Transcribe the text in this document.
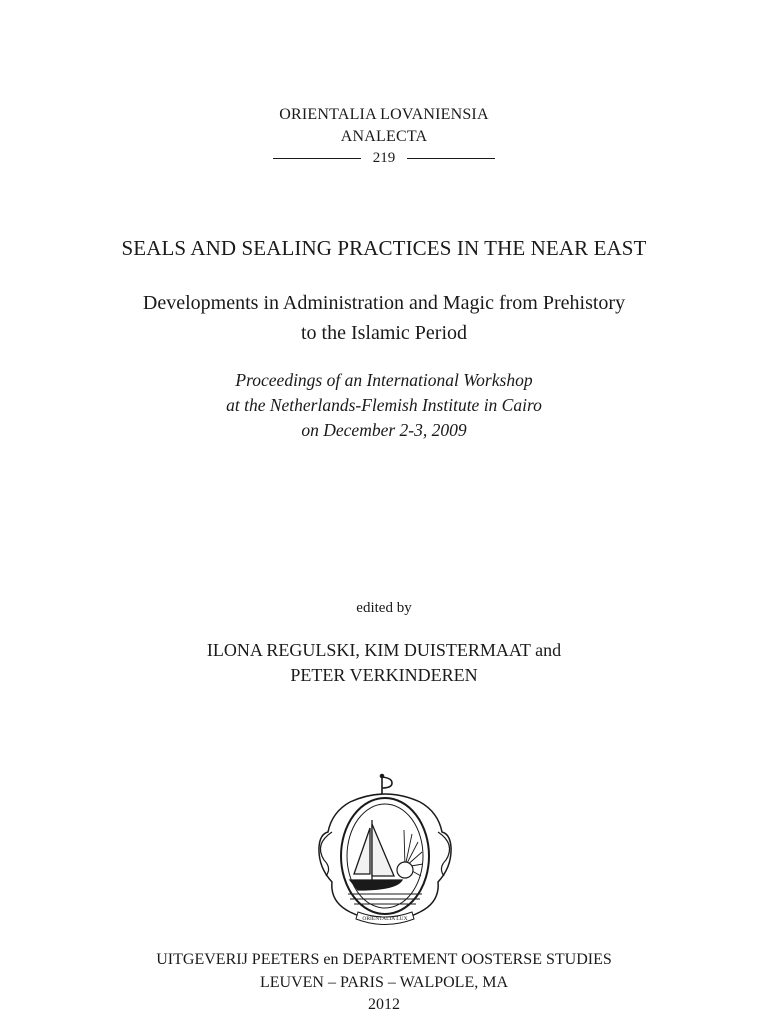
ORIENTALIA LOVANIENSIA
ANALECTA
219
SEALS AND SEALING PRACTICES IN THE NEAR EAST
Developments in Administration and Magic from Prehistory
to the Islamic Period
Proceedings of an International Workshop
at the Netherlands-Flemish Institute in Cairo
on December 2-3, 2009
edited by
ILONA REGULSKI, KIM DUISTERMAAT and
PETER VERKINDEREN
ORIENTALIA LUX
UITGEVERIJ PEETERS en DEPARTEMENT OOSTERSE STUDIES
LEUVEN – PARIS – WALPOLE, MA
2012
